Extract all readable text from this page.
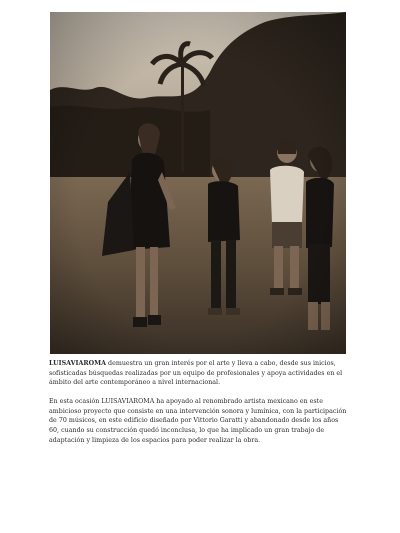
LUISAVIAROMA demuestra un gran interés por el arte y lleva a cabo, desde sus inicios, sofisticadas búsquedas realizadas por un equipo de profesionales y apoya actividades en el ámbito del arte contemporáneo a nivel internacional.

En esta ocasión LUISAVIAROMA ha apoyado al renombrado artista mexicano en este ambicioso proyecto que consiste en una intervención sonora y lumínica, con la participación de 70 músicos, en este edificio diseñado por Vittorio Garatti y abandonado desde los años 60, cuando su construcción quedó inconclusa, lo que ha implicado un gran trabajo de adaptación y limpieza de los espacios para poder realizar la obra.
